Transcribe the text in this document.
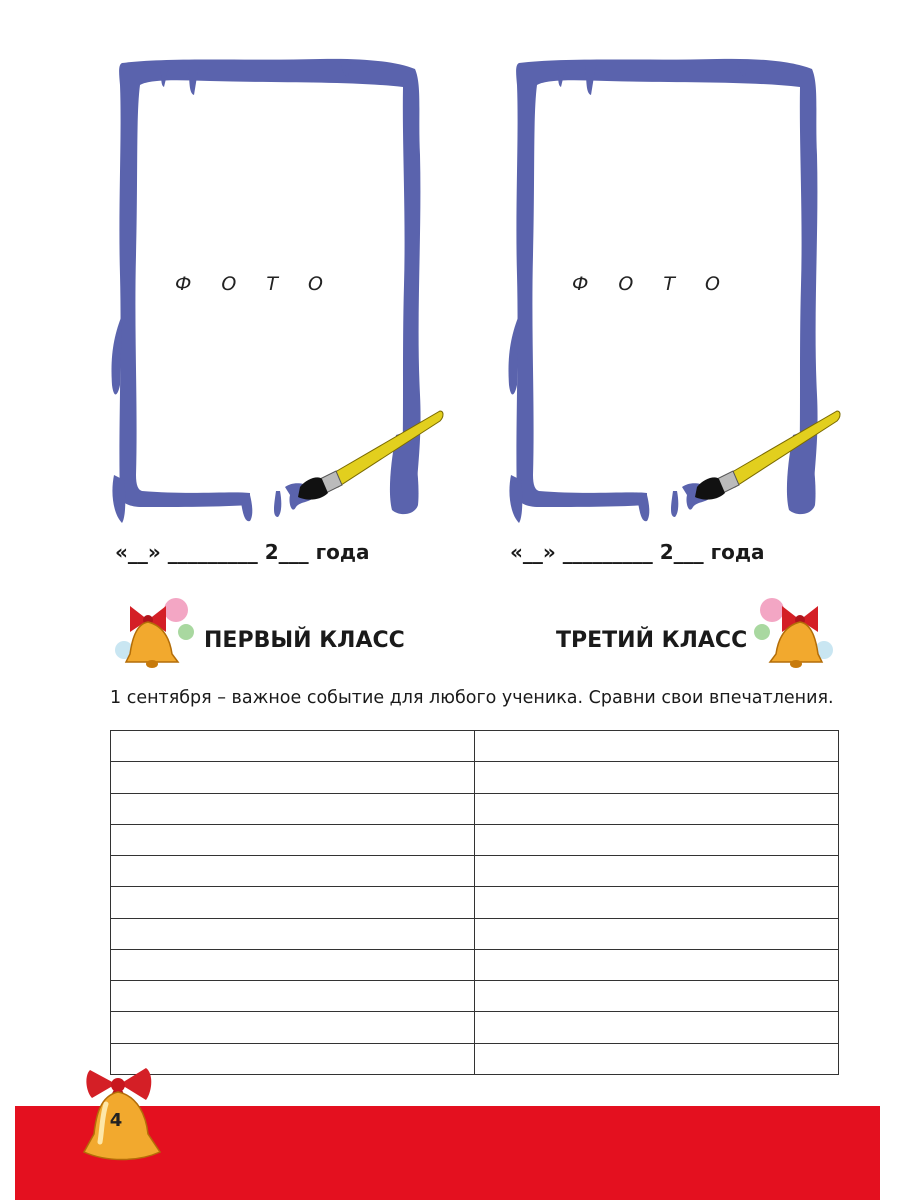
Ф О Т О	Ф О Т О
«__» _________ 2___ года	«__» _________ 2___ года
ПЕРВЫЙ КЛАСС	ТРЕТИЙ КЛАСС
1 сентября – важное событие для любого ученика. Сравни свои впечатления.

4
